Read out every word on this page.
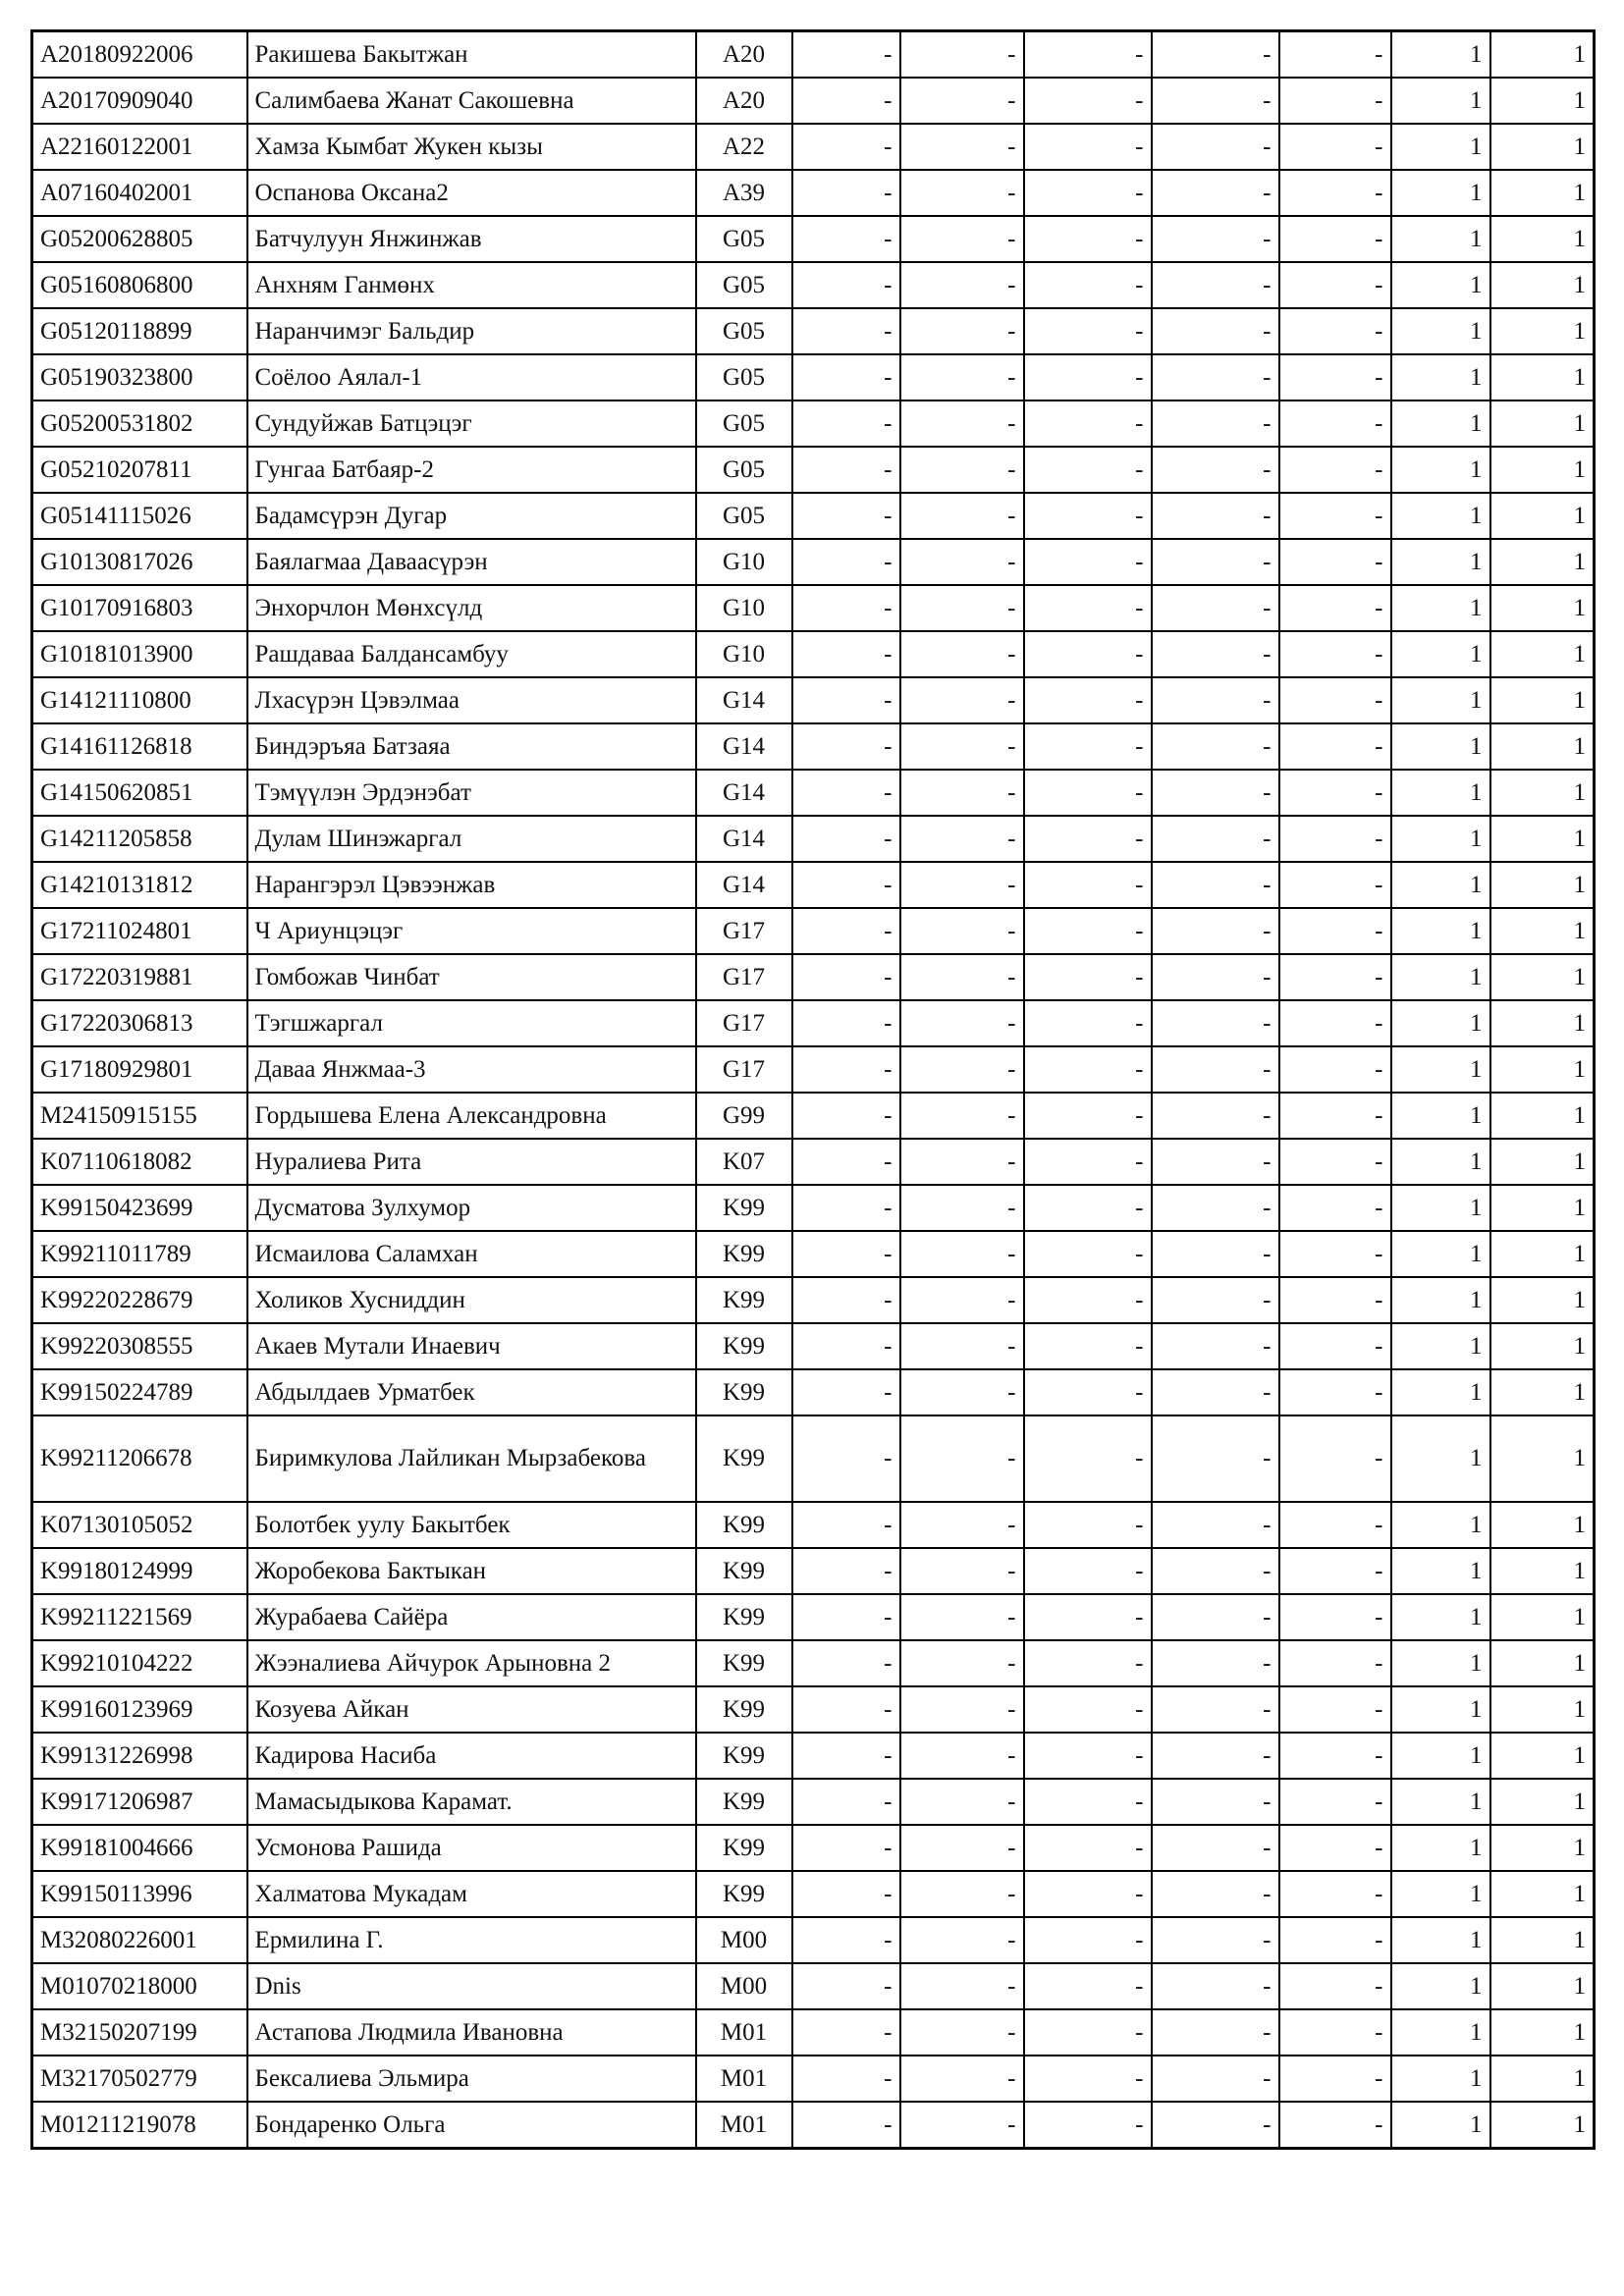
A20180922006	Ракишева Бакытжан	A20	-	-	-	-	-	1	1
A20170909040	Салимбаева Жанат Сакошевна	A20	-	-	-	-	-	1	1
A22160122001	Хамза Кымбат Жукен кызы	A22	-	-	-	-	-	1	1
A07160402001	Оспанова Оксана2	A39	-	-	-	-	-	1	1
G05200628805	Батчулуун Янжинжав	G05	-	-	-	-	-	1	1
G05160806800	Анхням Ганмөнх	G05	-	-	-	-	-	1	1
G05120118899	Наранчимэг Бальдир	G05	-	-	-	-	-	1	1
G05190323800	Соёлоо Аялал-1	G05	-	-	-	-	-	1	1
G05200531802	Сундуйжав Батцэцэг	G05	-	-	-	-	-	1	1
G05210207811	Гунгаа Батбаяр-2	G05	-	-	-	-	-	1	1
G05141115026	Бадамсүрэн Дугар	G05	-	-	-	-	-	1	1
G10130817026	Баялагмаа Даваасүрэн	G10	-	-	-	-	-	1	1
G10170916803	Энхорчлон Мөнхсүлд	G10	-	-	-	-	-	1	1
G10181013900	Рашдаваа Балдансамбуу	G10	-	-	-	-	-	1	1
G14121110800	Лхасүрэн Цэвэлмаа	G14	-	-	-	-	-	1	1
G14161126818	Биндэръяа Батзаяа	G14	-	-	-	-	-	1	1
G14150620851	Тэмүүлэн Эрдэнэбат	G14	-	-	-	-	-	1	1
G14211205858	Дулам Шинэжаргал	G14	-	-	-	-	-	1	1
G14210131812	Нарангэрэл Цэвээнжав	G14	-	-	-	-	-	1	1
G17211024801	Ч Ариунцэцэг	G17	-	-	-	-	-	1	1
G17220319881	Гомбожав Чинбат	G17	-	-	-	-	-	1	1
G17220306813	Тэгшжаргал	G17	-	-	-	-	-	1	1
G17180929801	Даваа Янжмаа-3	G17	-	-	-	-	-	1	1
M24150915155	Гордышева Елена Александровна	G99	-	-	-	-	-	1	1
K07110618082	Нуралиева Рита	K07	-	-	-	-	-	1	1
K99150423699	Дусматова Зулхумор	K99	-	-	-	-	-	1	1
K99211011789	Исмаилова Саламхан	K99	-	-	-	-	-	1	1
K99220228679	Холиков Хусниддин	K99	-	-	-	-	-	1	1
K99220308555	Акаев Мутали Инаевич	K99	-	-	-	-	-	1	1
K99150224789	Абдылдаев Урматбек	K99	-	-	-	-	-	1	1
K99211206678	Биримкулова Лайликан Мырзабекова	K99	-	-	-	-	-	1	1
K07130105052	Болотбек уулу Бакытбек	K99	-	-	-	-	-	1	1
K99180124999	Жоробекова Бактыкан	K99	-	-	-	-	-	1	1
K99211221569	Журабаева Сайёра	K99	-	-	-	-	-	1	1
K99210104222	Жээналиева Айчурок Арыновна 2	K99	-	-	-	-	-	1	1
K99160123969	Козуева Айкан	K99	-	-	-	-	-	1	1
K99131226998	Кадирова Насиба	K99	-	-	-	-	-	1	1
K99171206987	Мамасыдыкова Карамат.	K99	-	-	-	-	-	1	1
K99181004666	Усмонова Рашида	K99	-	-	-	-	-	1	1
K99150113996	Халматова Мукадам	K99	-	-	-	-	-	1	1
M32080226001	Ермилина Г.	M00	-	-	-	-	-	1	1
M01070218000	Dnis	M00	-	-	-	-	-	1	1
M32150207199	Астапова Людмила Ивановна	M01	-	-	-	-	-	1	1
M32170502779	Бексалиева Эльмира	M01	-	-	-	-	-	1	1
M01211219078	Бондаренко Ольга	M01	-	-	-	-	-	1	1
